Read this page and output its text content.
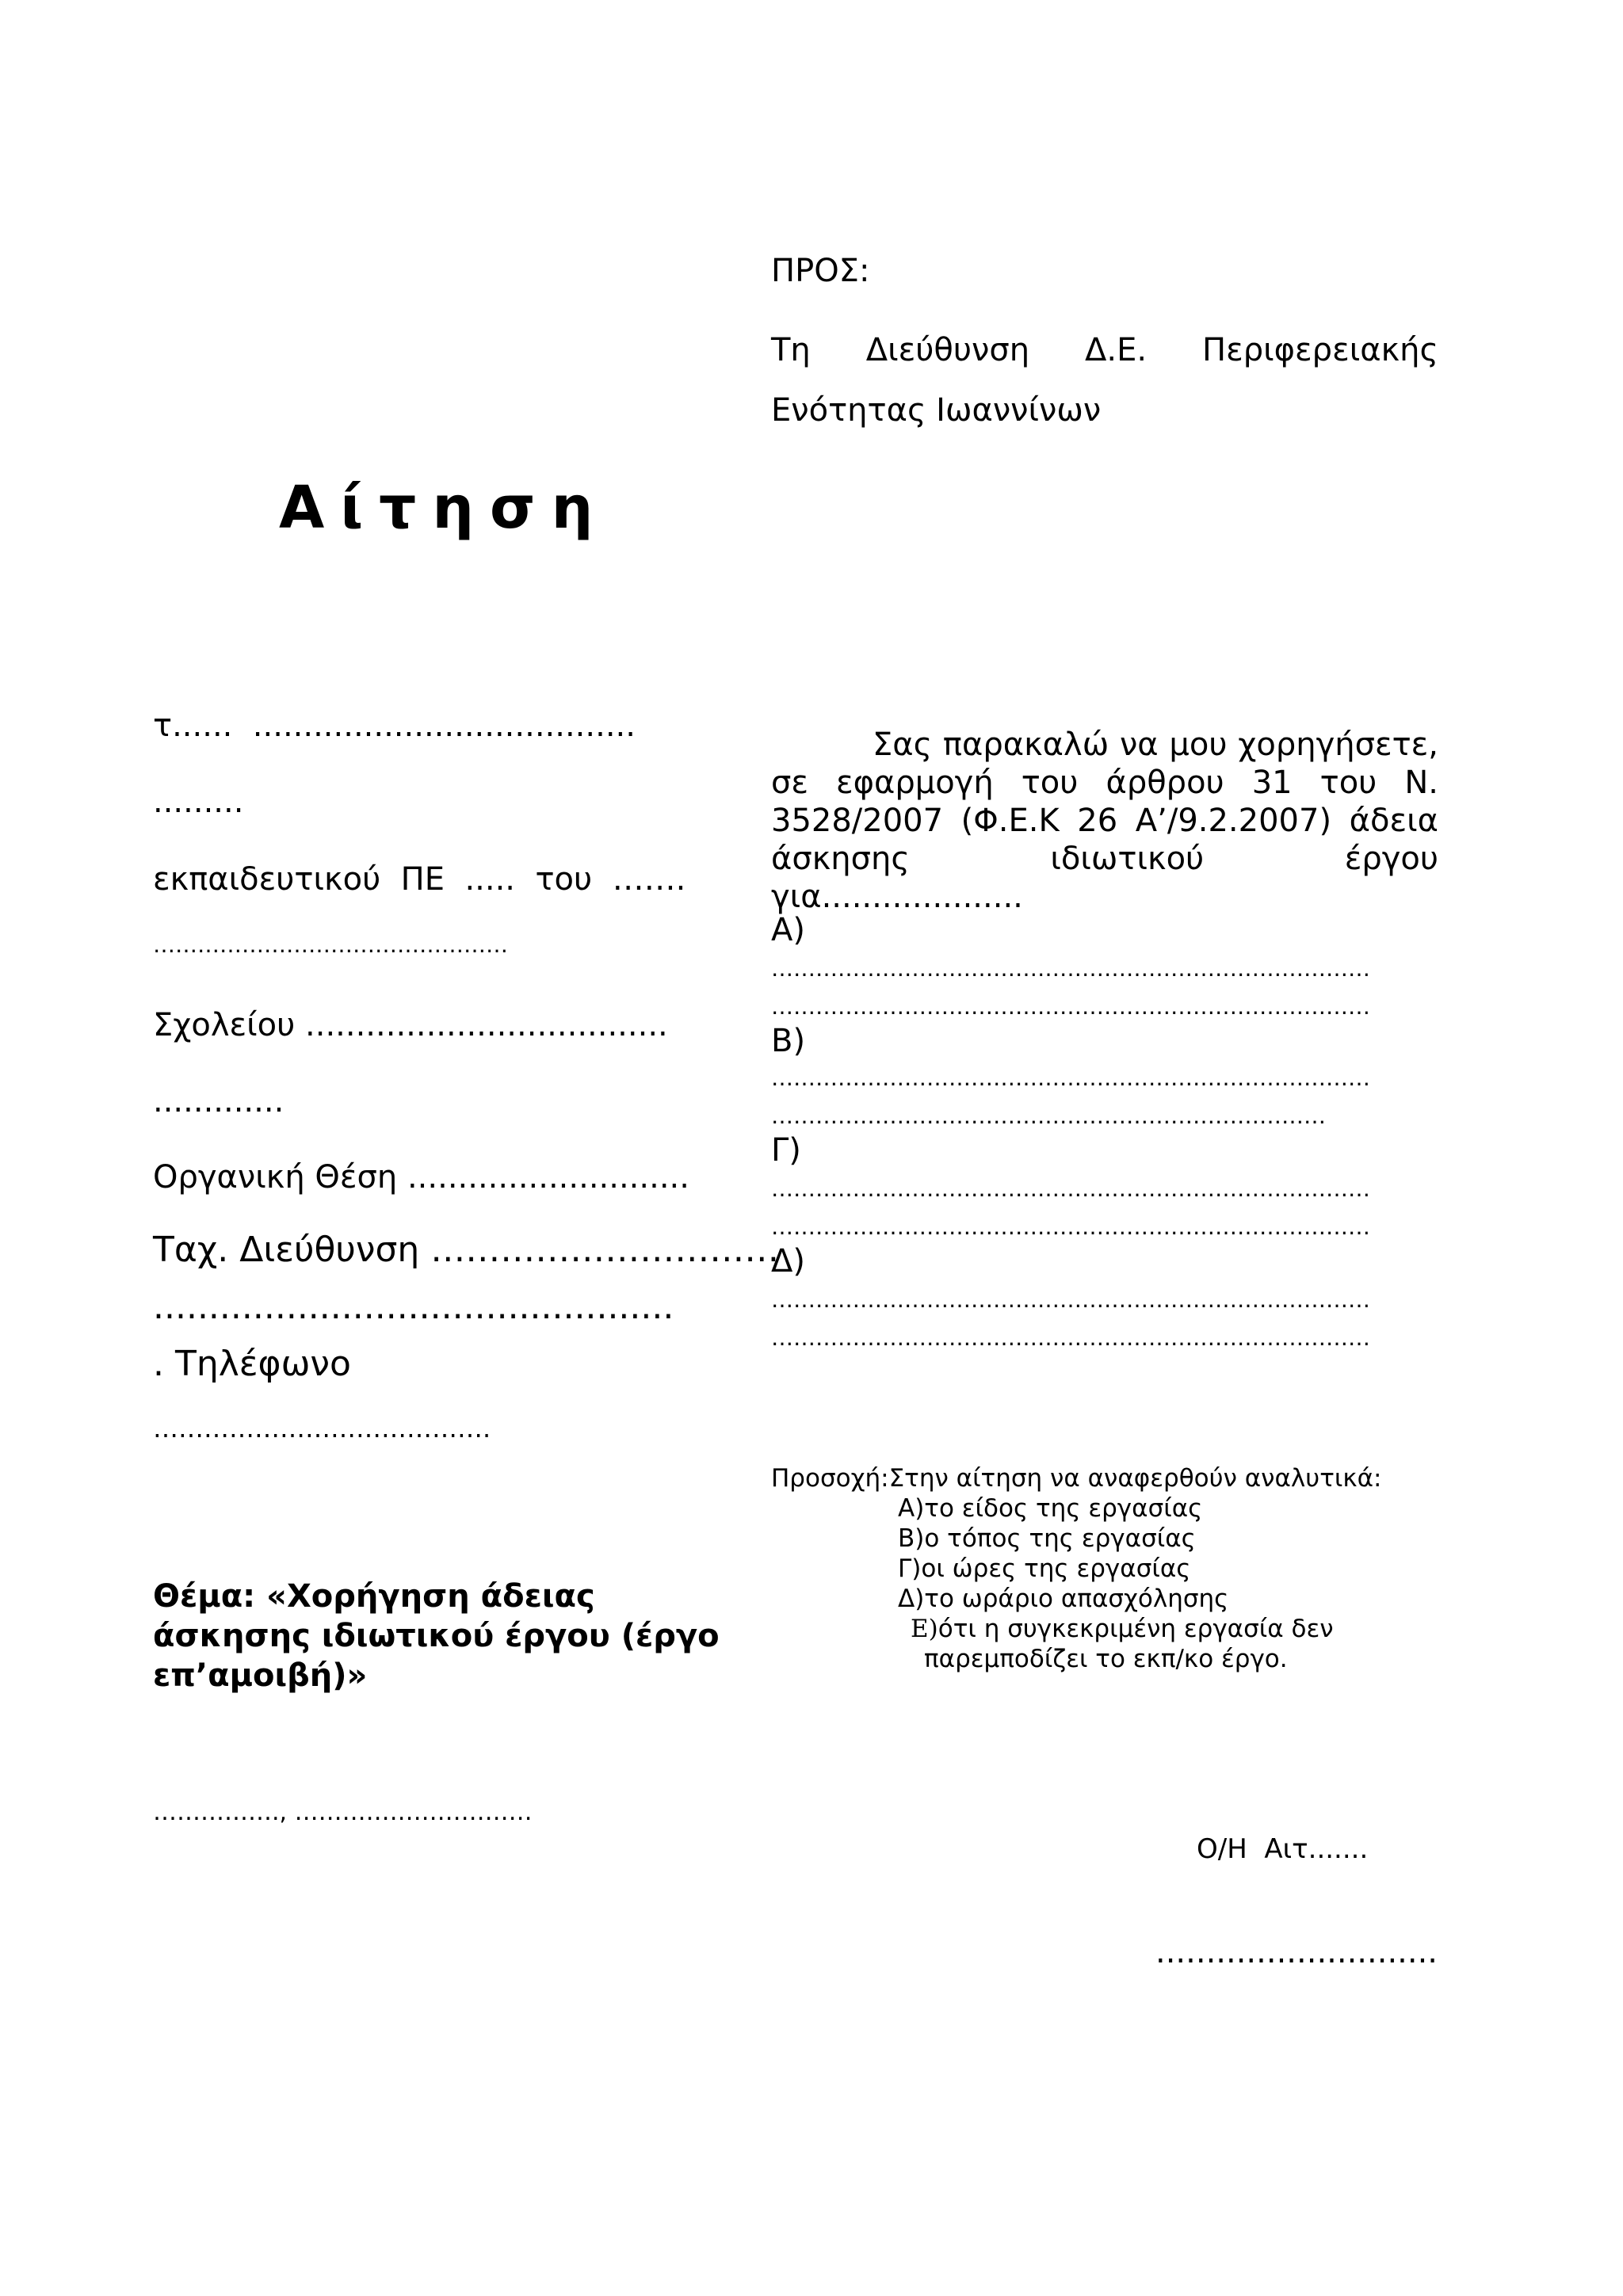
ΠΡΟΣ:
Τη Διεύθυνση Δ.Ε. Περιφερειακής
Ενότητας Ιωαννίνων
Αίτηση
τ......  ......................................
.........
εκπαιδευτικού  ΠΕ  .....  του  …….
…………………………………………
Σχολείου ....................................
.............
Οργανική Θέση ............................
Ταχ. Διεύθυνση …………………………
...............................................
. Τηλέφωνο
………………………………….
Θέμα: «Χορήγηση άδειας άσκησης ιδιωτικού έργου (έργο επ’αμοιβή)»
……………., …………………………
Σας παρακαλώ να μου χορηγήσετε, σε εφαρμογή του άρθρου 31 του Ν. 3528/2007 (Φ.Ε.Κ 26 Α’/9.2.2007) άδεια άσκησης ιδιωτικού έργου για....................
Α)
………………………………………………………………………
………………………………………………………………………
Β)
………………………………………………………………………
…………………………………………………………………
Γ)
………………………………………………………………………
………………………………………………………………………
Δ)
………………………………………………………………………
………………………………………………………………………
Προσοχή:Στην αίτηση να αναφερθούν αναλυτικά:
Α)το είδος της εργασίας
Β)ο τόπος της εργασίας
Γ)οι ώρες της εργασίας
Δ)το ωράριο απασχόλησης
Ε)ότι η συγκεκριμένη εργασία δεν
παρεμποδίζει το εκπ/κο έργο.
Ο/Η  Αιτ.......
............................
